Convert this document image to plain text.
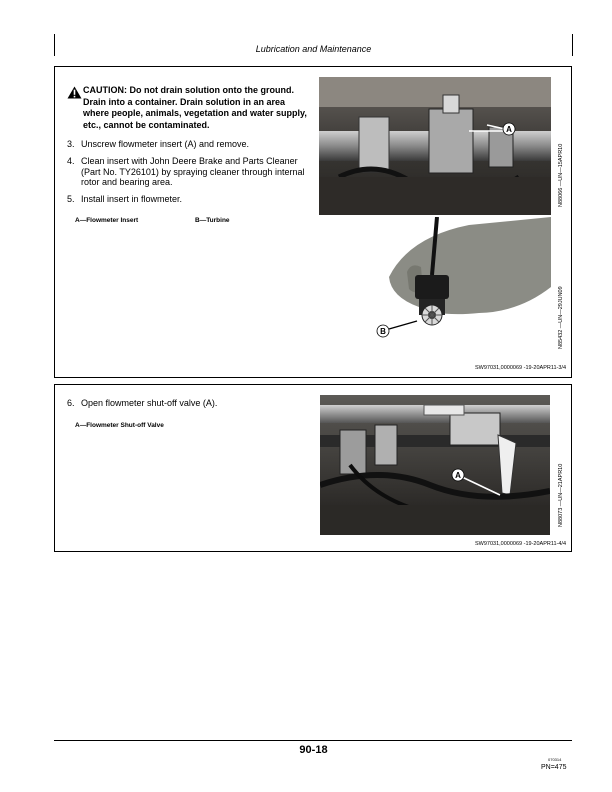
Lubrication and Maintenance

CAUTION: Do not drain solution onto the ground.

Drain into a container. Drain solution in an area where people, animals, vegetation and water supply, etc., cannot be contaminated.

3. Unscrew flowmeter insert (A) and remove.
4. Clean insert with John Deere Brake and Parts Cleaner (Part No. TY26101) by spraying cleaner through internal rotor and bearing area.
5. Install insert in flowmeter.
A—Flowmeter Insert	B—Turbine
A
N88066 —UN—15APR10
B	N85432 —UN—29JUN09
SW97031,0000069 -19-20APR11-3/4
6. Open flowmeter shut-off valve (A).
A—Flowmeter Shut-off Valve
A	N88073 —UN—21APR10
SW97031,0000069 -19-20APR11-4/4
90-18
070314
PN=475
